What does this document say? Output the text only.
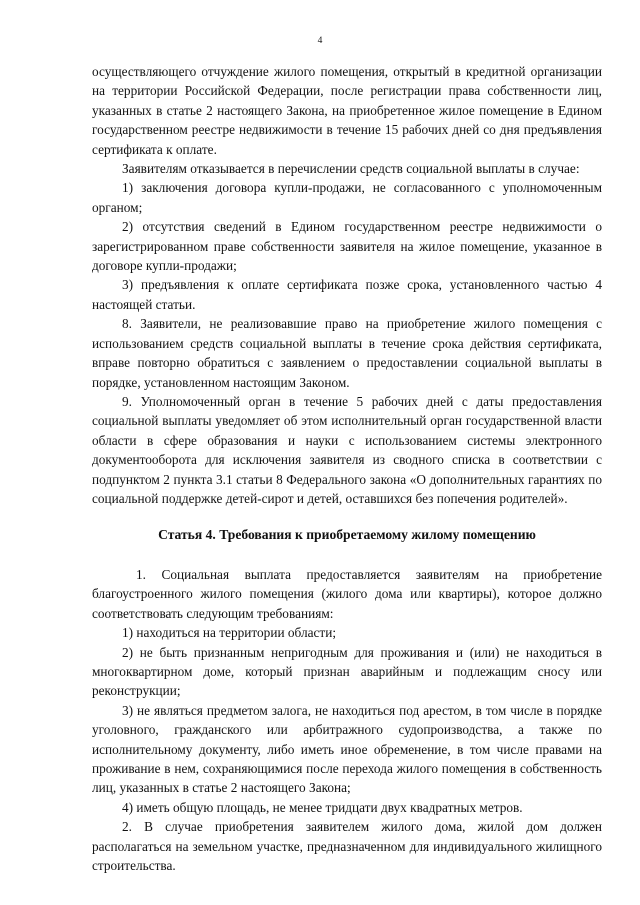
4

осуществляющего отчуждение жилого помещения, открытый в кредитной организации на территории Российской Федерации, после регистрации права собственности лиц, указанных в статье 2 настоящего Закона, на приобретенное жилое помещение в Едином государственном реестре недвижимости в течение 15 рабочих дней со дня предъявления сертификата к оплате.

Заявителям отказывается в перечислении средств социальной выплаты в случае:

1) заключения договора купли-продажи, не согласованного с уполномоченным органом;

2) отсутствия сведений в Едином государственном реестре недвижимости о зарегистрированном праве собственности заявителя на жилое помещение, указанное в договоре купли-продажи;

3) предъявления к оплате сертификата позже срока, установленного частью 4 настоящей статьи.

8. Заявители, не реализовавшие право на приобретение жилого помещения с использованием средств социальной выплаты в течение срока действия сертификата, вправе повторно обратиться с заявлением о предоставлении социальной выплаты в порядке, установленном настоящим Законом.

9. Уполномоченный орган в течение 5 рабочих дней с даты предоставления социальной выплаты уведомляет об этом исполнительный орган государственной власти области в сфере образования и науки с использованием системы электронного документооборота для исключения заявителя из сводного списка в соответствии с подпунктом 2 пункта 3.1 статьи 8 Федерального закона «О дополнительных гарантиях по социальной поддержке детей-сирот и детей, оставшихся без попечения родителей».

Статья 4. Требования к приобретаемому жилому помещению

1. Социальная выплата предоставляется заявителям на приобретение благоустроенного жилого помещения (жилого дома или квартиры), которое должно соответствовать следующим требованиям:

1) находиться на территории области;

2) не быть признанным непригодным для проживания и (или) не находиться в многоквартирном доме, который признан аварийным и подлежащим сносу или реконструкции;

3) не являться предметом залога, не находиться под арестом, в том числе в порядке уголовного, гражданского или арбитражного судопроизводства, а также по исполнительному документу, либо иметь иное обременение, в том числе правами на проживание в нем, сохраняющимися после перехода жилого помещения в собственность лиц, указанных в статье 2 настоящего Закона;

4) иметь общую площадь, не менее тридцати двух квадратных метров.

2. В случае приобретения заявителем жилого дома, жилой дом должен располагаться на земельном участке, предназначенном для индивидуального жилищного строительства.
